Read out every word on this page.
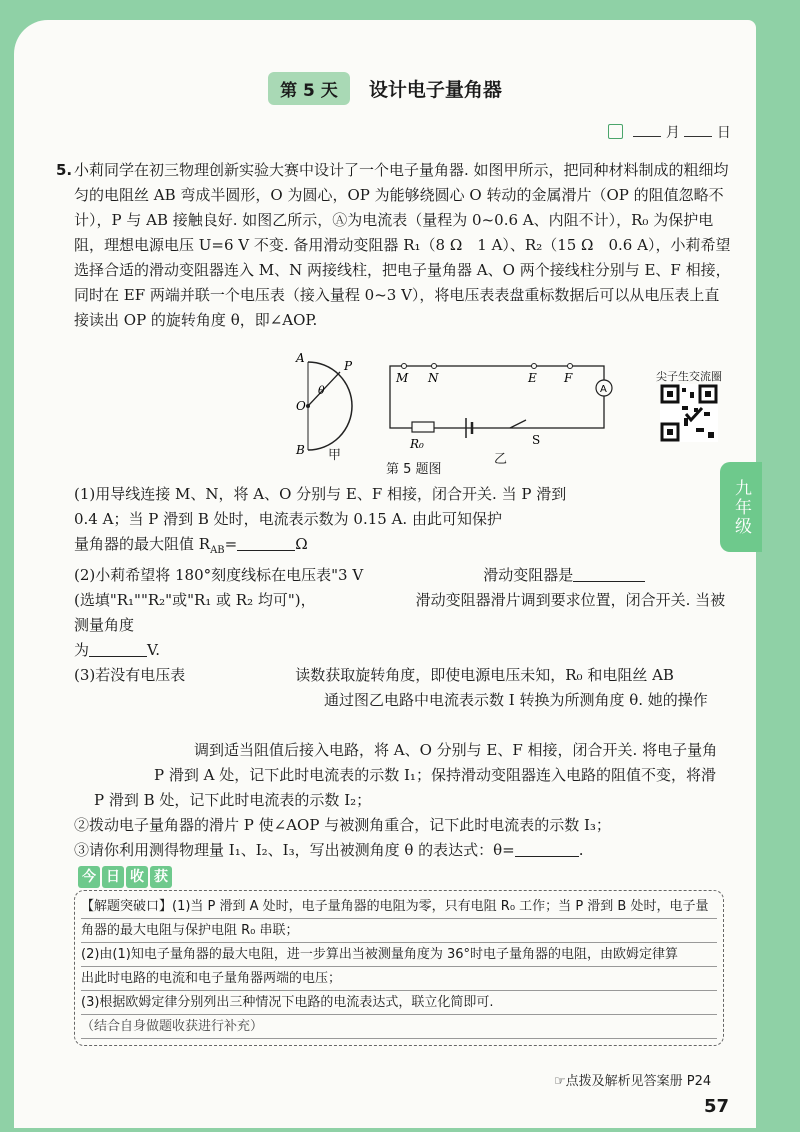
第 5 天 设计电子量角器
月	日
5. 小莉同学在初三物理创新实验大赛中设计了一个电子量角器. 如图甲所示，把同种材料制成的粗细均匀的电阻丝 AB 弯成半圆形，O 为圆心，OP 为能够绕圆心 O 转动的金属滑片（OP 的阻值忽略不计），P 与 AB 接触良好. 如图乙所示，Ⓐ为电流表（量程为 0~0.6 A、内阻不计），R₀ 为保护电阻，理想电源电压 U=6 V 不变. 备用滑动变阻器 R₁（8 Ω　1 A）、R₂（15 Ω　0.6 A），小莉希望选择合适的滑动变阻器连入 M、N 两接线柱，把电子量角器 A、O 两个接线柱分别与 E、F 相接，同时在 EF 两端并联一个电压表（接入量程 0~3 V），将电压表表盘重标数据后可以从电压表上直接读出 OP 的旋转角度 θ，即∠AOP.

A
P
θ
O
B
M N	E F
A
R₀	S
甲	乙
第 5 题图
尖子生交流圈
(1)用导线连接 M、N，将 A、O 分别与 E、F 相接，闭合开关. 当 P 滑到
0.4 A；当 P 滑到 B 处时，电流表示数为 0.15 A. 由此可知保护
量角器的最大阻值 $R_{AB}=$	Ω
(2)小莉希望将 180°刻度线标在电压表"3 V	滑动变阻器是
(选填"R₁""R₂"或"R₁ 或 R₂ 均可")，	滑动变阻器滑片调到要求位置，闭合开关. 当被测量角度
为	V.
(3)若没有电压表	读数获取旋转角度，即使电源电压未知，R₀ 和电阻丝 AB
通过图乙电路中电流表示数 I 转换为所测角度 θ. 她的操作
调到适当阻值后接入电路，将 A、O 分别与 E、F 相接，闭合开关. 将电子量角
P 滑到 A 处，记下此时电流表的示数 I₁；保持滑动变阻器连入电路的阻值不变，将滑
P 滑到 B 处，记下此时电流表的示数 I₂；
②拨动电子量角器的滑片 P 使∠AOP 与被测角重合，记下此时电流表的示数 I₃；
③请你利用测得物理量 I₁、I₂、I₃，写出被测角度 θ 的表达式：θ=	.
今 日 收 获
【解题突破口】(1)当 P 滑到 A 处时，电子量角器的电阻为零，只有电阻 R₀ 工作；当 P 滑到 B 处时，电子量
角器的最大电阻与保护电阻 R₀ 串联；
(2)由(1)知电子量角器的最大电阻，进一步算出当被测量角度为 36°时电子量角器的电阻，由欧姆定律算
出此时电路的电流和电子量角器两端的电压；
(3)根据欧姆定律分别列出三种情况下电路的电流表达式，联立化简即可.
（结合自身做题收获进行补充）
☞点拨及解析见答案册 P24
57
九年级
